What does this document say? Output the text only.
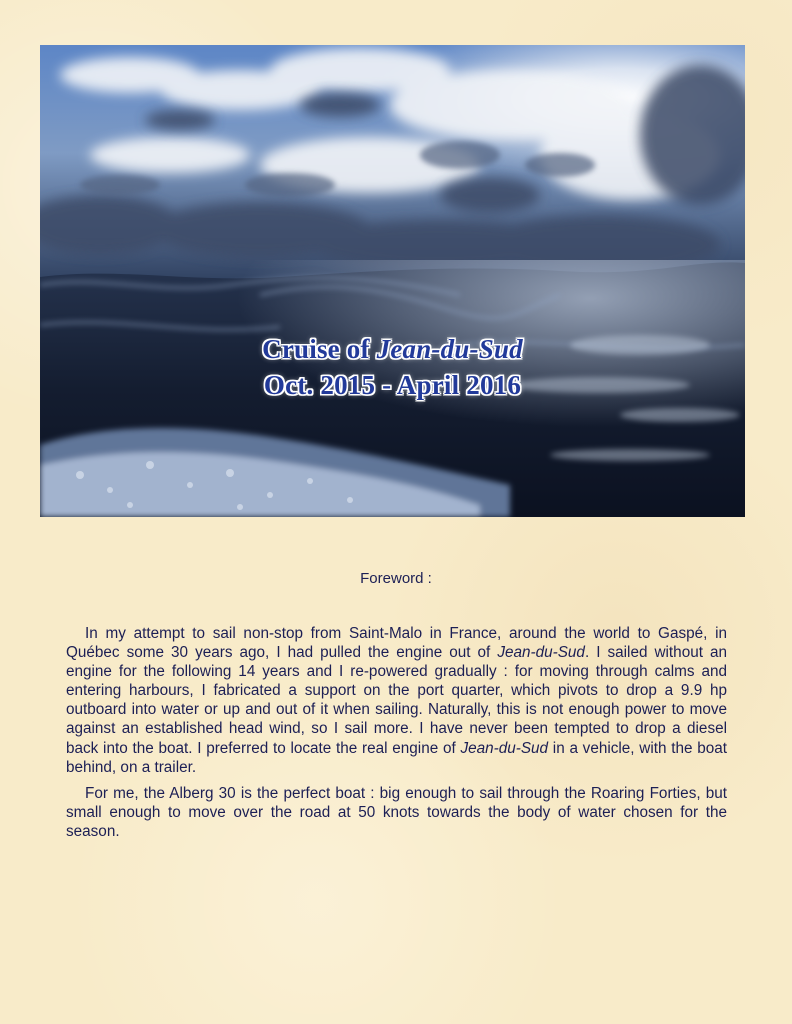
Cruise of Jean-du-Sud
Oct. 2015 - April 2016
Foreword :

In my attempt to sail non-stop from Saint-Malo in France, around the world to Gaspé, in Québec some 30 years ago, I had pulled the engine out of Jean-du-Sud. I sailed without an engine for the following 14 years and I re-powered gradually : for moving through calms and entering harbours, I fabricated a support on the port quarter, which pivots to drop a 9.9 hp outboard into water or up and out of it when sailing. Naturally, this is not enough power to move against an established head wind, so I sail more. I have never been tempted to drop a diesel back into the boat. I preferred to locate the real engine of Jean-du-Sud in a vehicle, with the boat behind, on a trailer.

For me, the Alberg 30 is the perfect boat : big enough to sail through the Roaring Forties, but small enough to move over the road at 50 knots towards the body of water chosen for the season.
